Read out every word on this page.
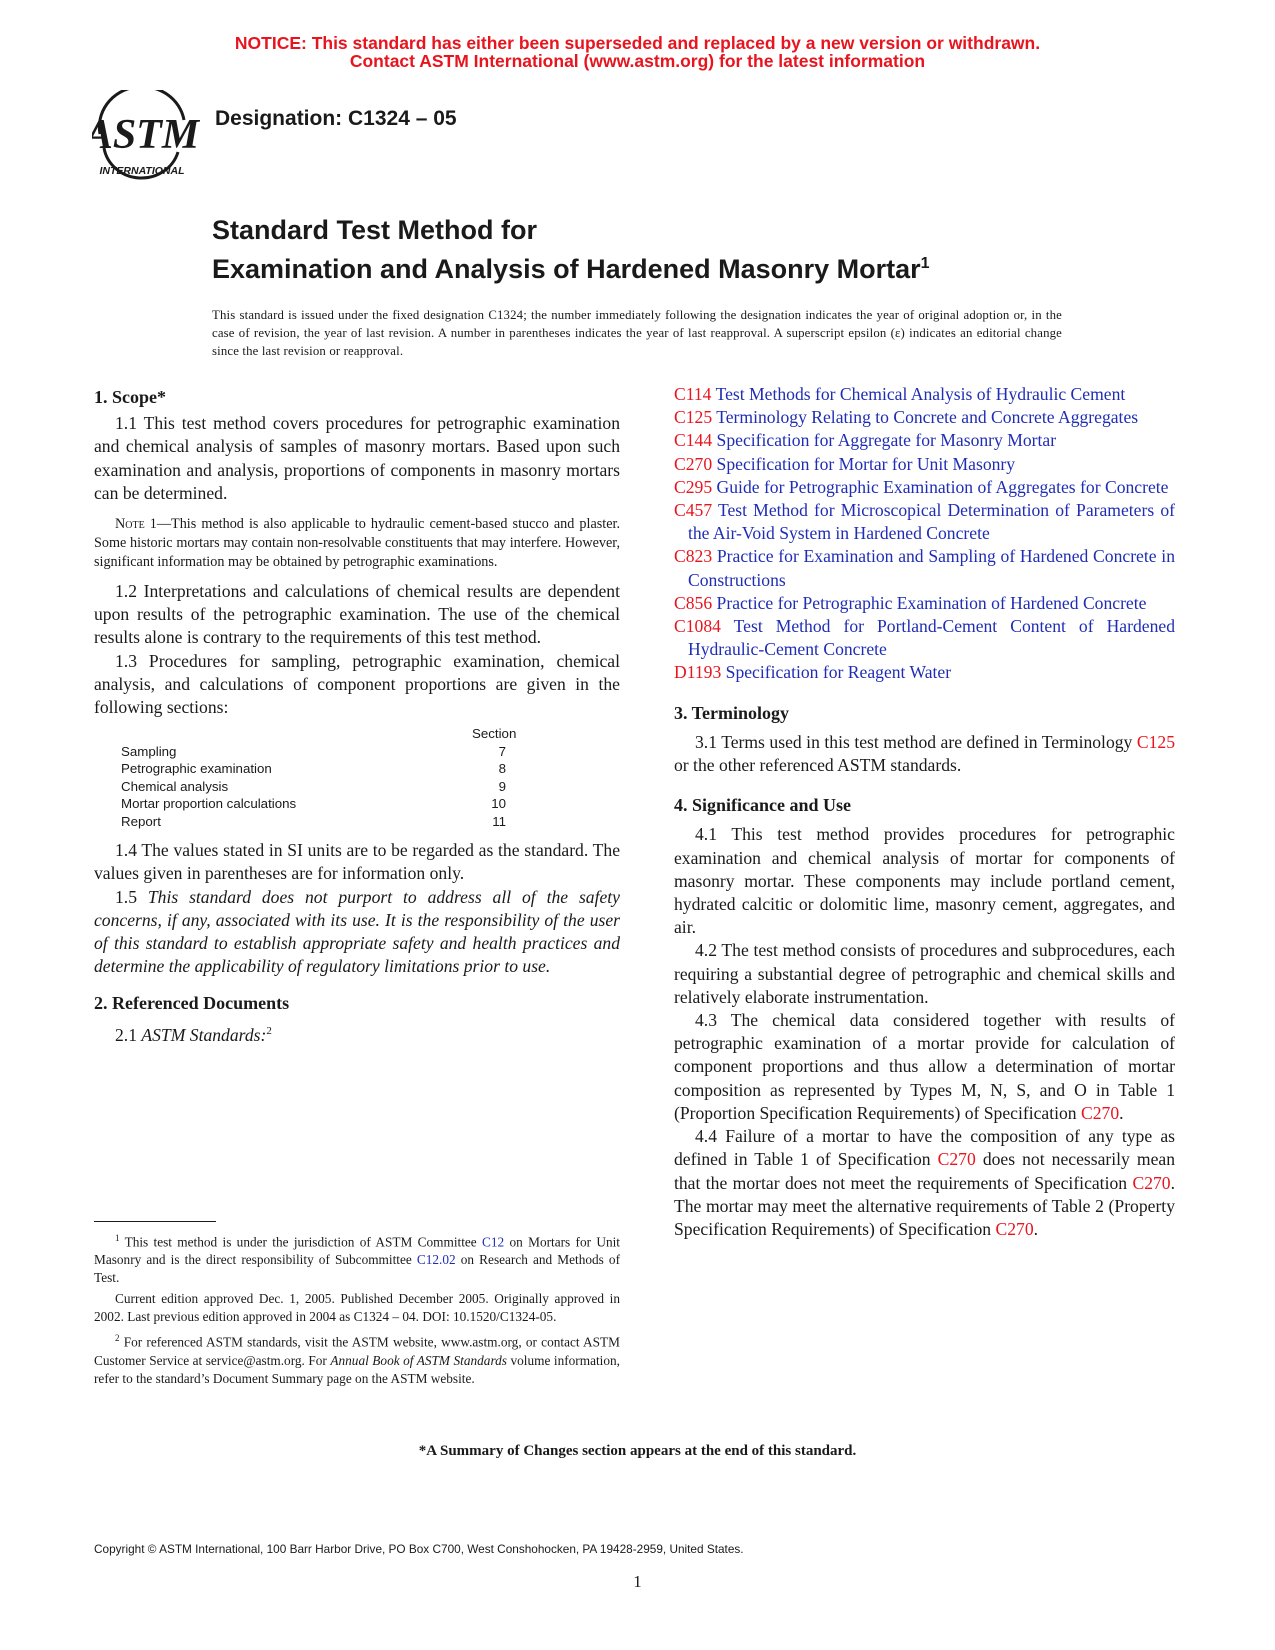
NOTICE: This standard has either been superseded and replaced by a new version or withdrawn.
Contact ASTM International (www.astm.org) for the latest information
ASTM
INTERNATIONAL
Designation: C1324 – 05
Standard Test Method for
Examination and Analysis of Hardened Masonry Mortar$^1$
This standard is issued under the fixed designation C1324; the number immediately following the designation indicates the year of original adoption or, in the case of revision, the year of last revision. A number in parentheses indicates the year of last reapproval. A superscript epsilon (ε) indicates an editorial change since the last revision or reapproval.
1. Scope*

1.1 This test method covers procedures for petrographic examination and chemical analysis of samples of masonry mortars. Based upon such examination and analysis, proportions of components in masonry mortars can be determined.

Note 1—This method is also applicable to hydraulic cement-based stucco and plaster. Some historic mortars may contain non-resolvable constituents that may interfere. However, significant information may be obtained by petrographic examinations.

1.2 Interpretations and calculations of chemical results are dependent upon results of the petrographic examination. The use of the chemical results alone is contrary to the requirements of this test method.

1.3 Procedures for sampling, petrographic examination, chemical analysis, and calculations of component proportions are given in the following sections:

Section
Sampling	7
Petrographic examination	8
Chemical analysis	9
Mortar proportion calculations	10
Report	11

1.4 The values stated in SI units are to be regarded as the standard. The values given in parentheses are for information only.

1.5 This standard does not purport to address all of the safety concerns, if any, associated with its use. It is the responsibility of the user of this standard to establish appropriate safety and health practices and determine the applicability of regulatory limitations prior to use.

2. Referenced Documents

2.1 ASTM Standards:$^2$

$^1$ This test method is under the jurisdiction of ASTM Committee C12 on Mortars for Unit Masonry and is the direct responsibility of Subcommittee C12.02 on Research and Methods of Test.

Current edition approved Dec. 1, 2005. Published December 2005. Originally approved in 2002. Last previous edition approved in 2004 as C1324 – 04. DOI: 10.1520/C1324-05.

$^2$ For referenced ASTM standards, visit the ASTM website, www.astm.org, or contact ASTM Customer Service at service@astm.org. For Annual Book of ASTM Standards volume information, refer to the standard’s Document Summary page on the ASTM website.

C114 Test Methods for Chemical Analysis of Hydraulic Cement

C125 Terminology Relating to Concrete and Concrete Aggregates

C144 Specification for Aggregate for Masonry Mortar

C270 Specification for Mortar for Unit Masonry

C295 Guide for Petrographic Examination of Aggregates for Concrete

C457 Test Method for Microscopical Determination of Parameters of the Air-Void System in Hardened Concrete

C823 Practice for Examination and Sampling of Hardened Concrete in Constructions

C856 Practice for Petrographic Examination of Hardened Concrete

C1084 Test Method for Portland-Cement Content of Hardened Hydraulic-Cement Concrete

D1193 Specification for Reagent Water

3. Terminology

3.1 Terms used in this test method are defined in Terminology C125 or the other referenced ASTM standards.

4. Significance and Use

4.1 This test method provides procedures for petrographic examination and chemical analysis of mortar for components of masonry mortar. These components may include portland cement, hydrated calcitic or dolomitic lime, masonry cement, aggregates, and air.

4.2 The test method consists of procedures and subprocedures, each requiring a substantial degree of petrographic and chemical skills and relatively elaborate instrumentation.

4.3 The chemical data considered together with results of petrographic examination of a mortar provide for calculation of component proportions and thus allow a determination of mortar composition as represented by Types M, N, S, and O in Table 1 (Proportion Specification Requirements) of Specification C270.

4.4 Failure of a mortar to have the composition of any type as defined in Table 1 of Specification C270 does not necessarily mean that the mortar does not meet the requirements of Specification C270. The mortar may meet the alternative requirements of Table 2 (Property Specification Requirements) of Specification C270.

*A Summary of Changes section appears at the end of this standard.
Copyright © ASTM International, 100 Barr Harbor Drive, PO Box C700, West Conshohocken, PA 19428-2959, United States.
1
